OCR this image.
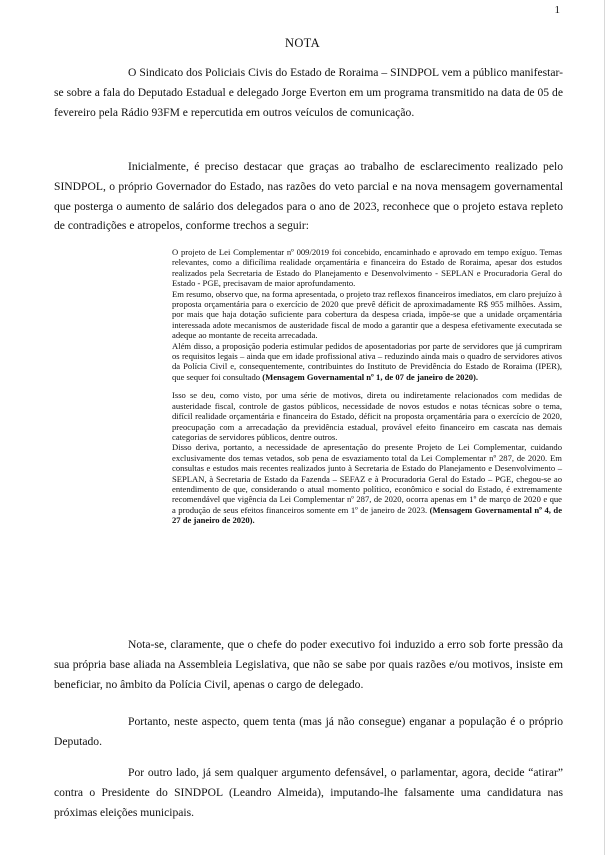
1
NOTA

O Sindicato dos Policiais Civis do Estado de Roraima – SINDPOL vem a público manifestar-se sobre a fala do Deputado Estadual e delegado Jorge Everton em um programa transmitido na data de 05 de fevereiro pela Rádio 93FM e repercutida em outros veículos de comunicação.

Inicialmente, é preciso destacar que graças ao trabalho de esclarecimento realizado pelo SINDPOL, o próprio Governador do Estado, nas razões do veto parcial e na nova mensagem governamental que posterga o aumento de salário dos delegados para o ano de 2023, reconhece que o projeto estava repleto de contradições e atropelos, conforme trechos a seguir:

O projeto de Lei Complementar nº 009/2019 foi concebido, encaminhado e aprovado em tempo exíguo. Temas relevantes, como a dificílima realidade orçamentária e financeira do Estado de Roraima, apesar dos estudos realizados pela Secretaria de Estado do Planejamento e Desenvolvimento - SEPLAN e Procuradoria Geral do Estado - PGE, precisavam de maior aprofundamento.

Em resumo, observo que, na forma apresentada, o projeto traz reflexos financeiros imediatos, em claro prejuízo à proposta orçamentária para o exercício de 2020 que prevê déficit de aproximadamente R$ 955 milhões. Assim, por mais que haja dotação suficiente para cobertura da despesa criada, impõe-se que a unidade orçamentária interessada adote mecanismos de austeridade fiscal de modo a garantir que a despesa efetivamente executada se adeque ao montante de receita arrecadada.

Além disso, a proposição poderia estimular pedidos de aposentadorias por parte de servidores que já cumpriram os requisitos legais – ainda que em idade profissional ativa – reduzindo ainda mais o quadro de servidores ativos da Polícia Civil e, consequentemente, contribuintes do Instituto de Previdência do Estado de Roraima (IPER), que sequer foi consultado (Mensagem Governamental nº 1, de 07 de janeiro de 2020).

Isso se deu, como visto, por uma série de motivos, direta ou indiretamente relacionados com medidas de austeridade fiscal, controle de gastos públicos, necessidade de novos estudos e notas técnicas sobre o tema, difícil realidade orçamentária e financeira do Estado, déficit na proposta orçamentária para o exercício de 2020, preocupação com a arrecadação da previdência estadual, provável efeito financeiro em cascata nas demais categorias de servidores públicos, dentre outros.

Disso deriva, portanto, a necessidade de apresentação do presente Projeto de Lei Complementar, cuidando exclusivamente dos temas vetados, sob pena de esvaziamento total da Lei Complementar nº 287, de 2020. Em consultas e estudos mais recentes realizados junto à Secretaria de Estado do Planejamento e Desenvolvimento – SEPLAN, à Secretaria de Estado da Fazenda – SEFAZ e à Procuradoria Geral do Estado – PGE, chegou-se ao entendimento de que, considerando o atual momento político, econômico e social do Estado, é extremamente recomendável que vigência da Lei Complementar nº 287, de 2020, ocorra apenas em 1º de março de 2020 e que a produção de seus efeitos financeiros somente em 1º de janeiro de 2023. (Mensagem Governamental nº 4, de 27 de janeiro de 2020).

Nota-se, claramente, que o chefe do poder executivo foi induzido a erro sob forte pressão da sua própria base aliada na Assembleia Legislativa, que não se sabe por quais razões e/ou motivos, insiste em beneficiar, no âmbito da Polícia Civil, apenas o cargo de delegado.

Portanto, neste aspecto, quem tenta (mas já não consegue) enganar a população é o próprio Deputado.

Por outro lado, já sem qualquer argumento defensável, o parlamentar, agora, decide “atirar” contra o Presidente do SINDPOL (Leandro Almeida), imputando-lhe falsamente uma candidatura nas próximas eleições municipais.
